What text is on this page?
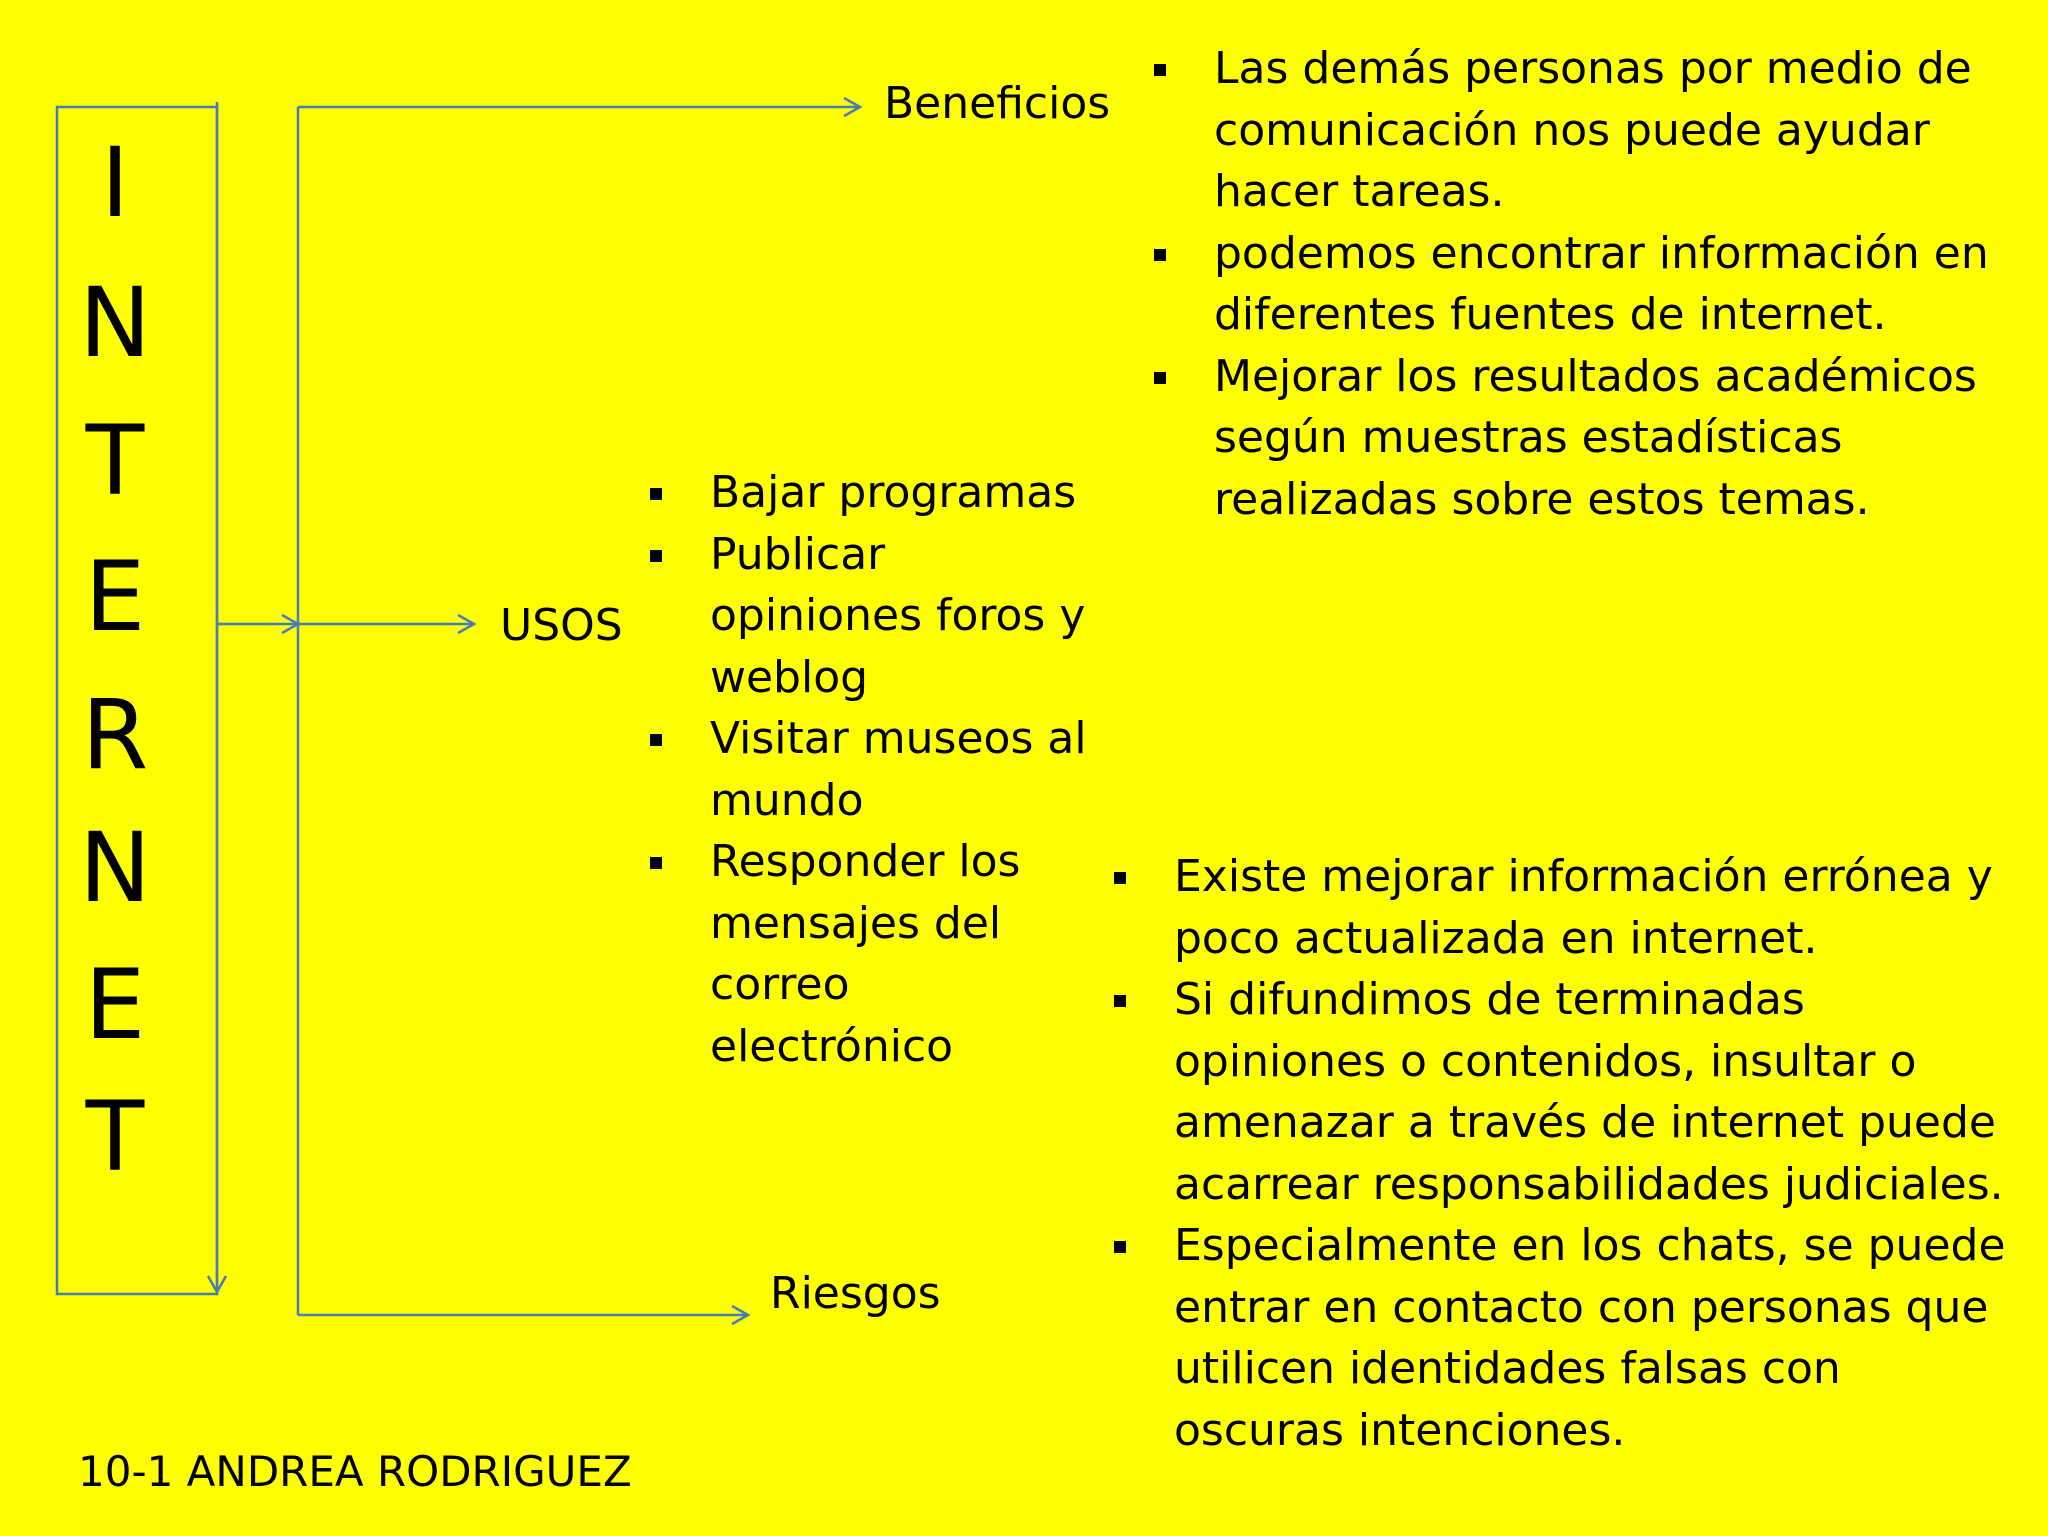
I
N
T
E
R
N
E
T
Beneficios
USOS
Riesgos
Las demás personas por medio de comunicación nos puede ayudar hacer tareas.
podemos encontrar información en diferentes fuentes de internet.
Mejorar los resultados académicos según muestras estadísticas realizadas sobre estos temas.
Bajar programas
Publicar opiniones foros y weblog
Visitar museos al mundo
Responder los mensajes del correo electrónico
Existe mejorar información errónea y poco actualizada en internet.
Si difundimos de terminadas opiniones o contenidos, insultar o amenazar a través de internet puede acarrear responsabilidades judiciales.
Especialmente en los chats, se puede entrar en contacto con personas que utilicen identidades falsas con oscuras intenciones.
10-1 ANDREA RODRIGUEZ
